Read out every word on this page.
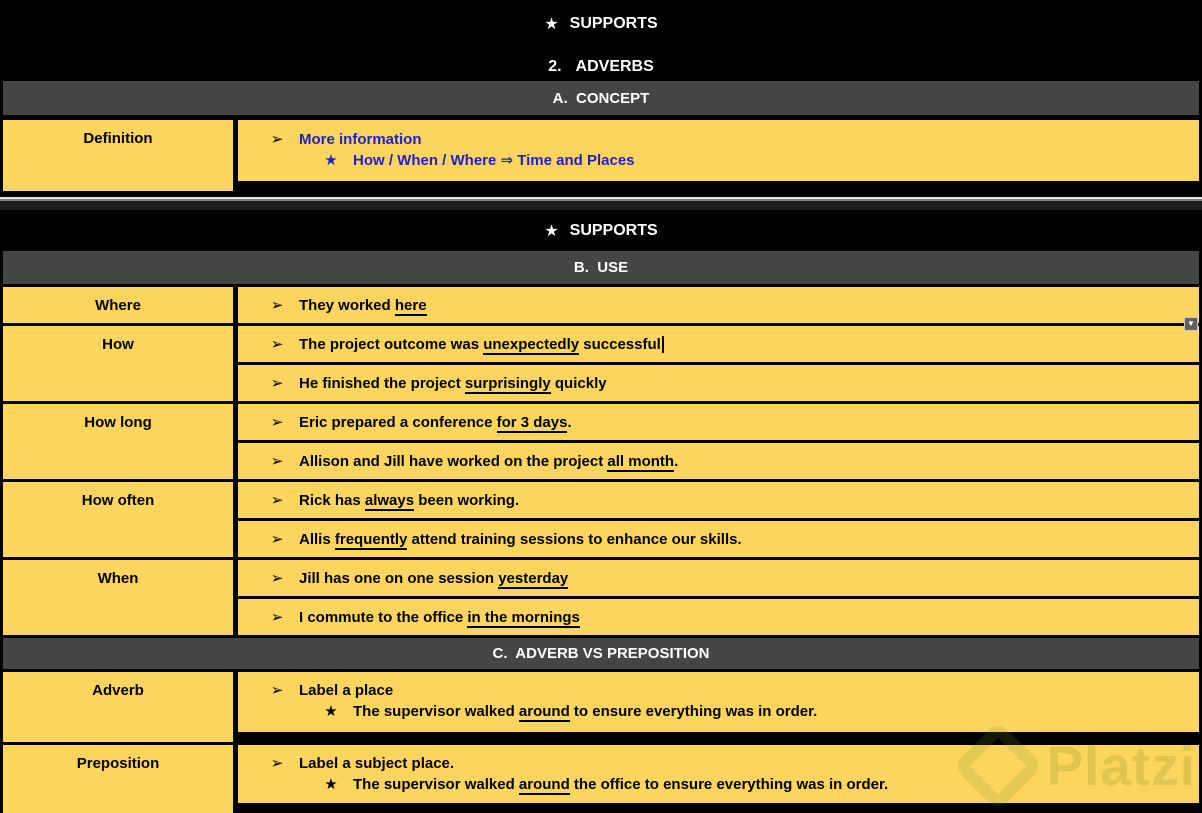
★ SUPPORTS
2. ADVERBS
A.  CONCEPT
Definition	➢ More information
★ How / When / Where ⇒ Time and Places
★ SUPPORTS
B.  USE
Where	➢ They worked here
How	➢ The project outcome was unexpectedly successful
➢ He finished the project surprisingly quickly
How long	➢ Eric prepared a conference for 3 days.
➢ Allison and Jill have worked on the project all month.
How often	➢ Rick has always been working.
➢ Allis frequently attend training sessions to enhance our skills.
When	➢ Jill has one on one session yesterday
➢ I commute to the office in the mornings
C.  ADVERB VS PREPOSITION
Adverb	➢ Label a place
★ The supervisor walked around to ensure everything was in order.
Preposition	➢ Label a subject place.
★ The supervisor walked around the office to ensure everything was in order.
▼
Platzi
